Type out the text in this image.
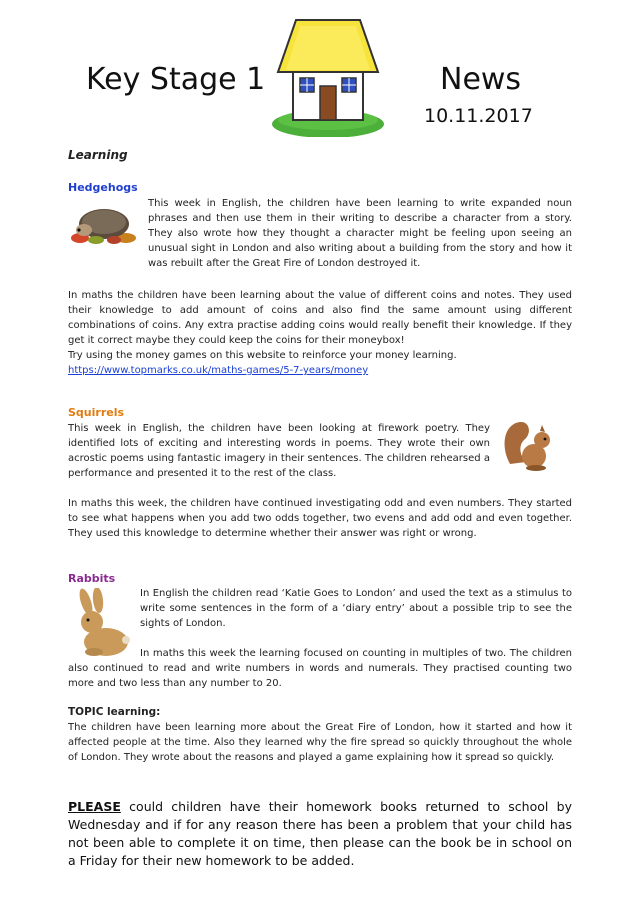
Key Stage 1	News
10.11.2017
Learning
Hedgehogs

This week in English, the children have been learning to write expanded noun phrases and then use them in their writing to describe a character from a story. They also wrote how they thought a character might be feeling upon seeing an unusual sight in London and also writing about a building from the story and how it was rebuilt after the Great Fire of London destroyed it.

In maths the children have been learning about the value of different coins and notes. They used their knowledge to add amount of coins and also find the same amount using different combinations of coins. Any extra practise adding coins would really benefit their knowledge. If they get it correct maybe they could keep the coins for their moneybox!

Try using the money games on this website to reinforce your money learning.

https://www.topmarks.co.uk/maths-games/5-7-years/money
Squirrels

This week in English, the children have been looking at firework poetry. They identified lots of exciting and interesting words in poems. They wrote their own acrostic poems using fantastic imagery in their sentences. The children rehearsed a performance and presented it to the rest of the class.

In maths this week, the children have continued investigating odd and even numbers. They started to see what happens when you add two odds together, two evens and add odd and even together. They used this knowledge to determine whether their answer was right or wrong.

Rabbits

In English the children read ‘Katie Goes to London’ and used the text as a stimulus to write some sentences in the form of a ‘diary entry’ about a possible trip to see the sights of London.

In maths this week the learning focused on counting in multiples of two. The children also continued to read and write numbers in words and numerals. They practised counting two more and two less than any number to 20.

TOPIC learning:

The children have been learning more about the Great Fire of London, how it started and how it affected people at the time. Also they learned why the fire spread so quickly throughout the whole of London. They wrote about the reasons and played a game explaining how it spread so quickly.

PLEASE could children have their homework books returned to school by Wednesday and if for any reason there has been a problem that your child has not been able to complete it on time, then please can the book be in school on a Friday for their new homework to be added.
